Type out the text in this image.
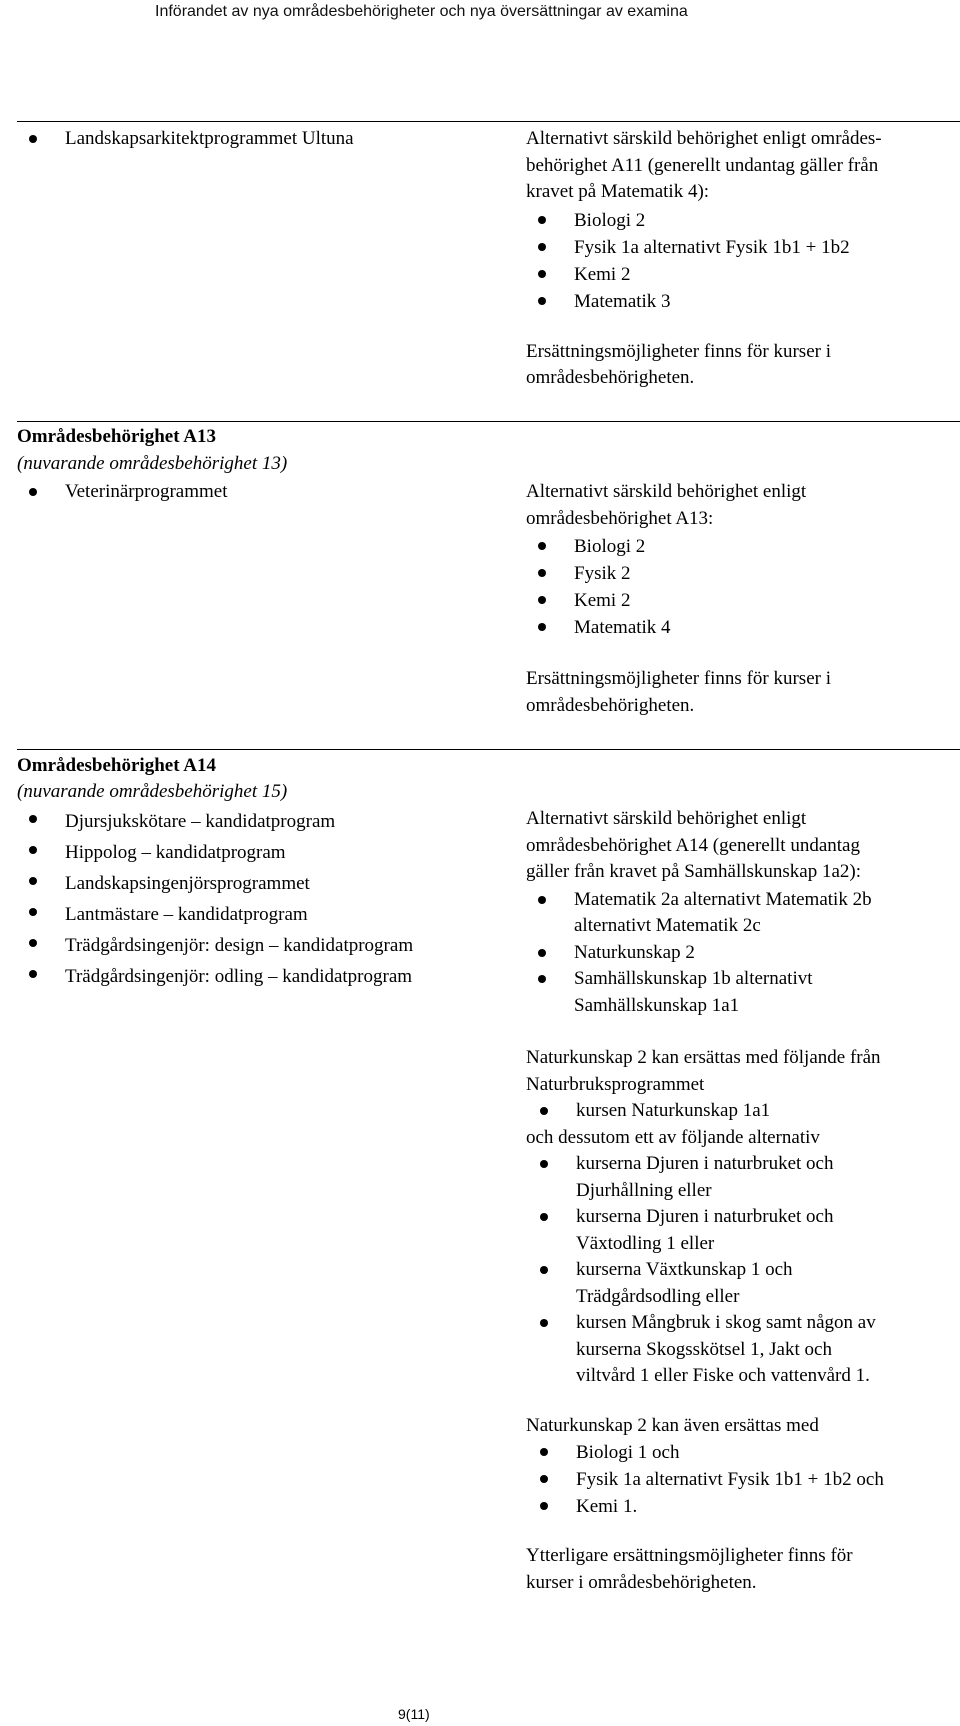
Införandet av nya områdesbehörigheter och nya översättningar av examina
Landskapsarkitektprogrammet Ultuna	Alternativt särskild behörighet enligt områdes-
behörighet A11 (generellt undantag gäller från
kravet på Matematik 4):
Biologi 2
Fysik 1a alternativt Fysik 1b1 + 1b2
Kemi 2
Matematik 3
Ersättningsmöjligheter finns för kurser i
områdesbehörigheten.
Områdesbehörighet A13
(nuvarande områdesbehörighet 13)
Veterinärprogrammet	Alternativt särskild behörighet enligt
områdesbehörighet A13:
Biologi 2
Fysik 2
Kemi 2
Matematik 4
Ersättningsmöjligheter finns för kurser i
områdesbehörigheten.
Områdesbehörighet A14
(nuvarande områdesbehörighet 15)
Djursjukskötare – kandidatprogram
Hippolog – kandidatprogram
Landskapsingenjörsprogrammet
Lantmästare – kandidatprogram
Trädgårdsingenjör: design – kandidatprogram
Trädgårdsingenjör: odling – kandidatprogram
Alternativt särskild behörighet enligt
områdesbehörighet A14 (generellt undantag
gäller från kravet på Samhällskunskap 1a2):
Matematik 2a alternativt Matematik 2b
alternativt Matematik 2c
Naturkunskap 2
Samhällskunskap 1b alternativt
Samhällskunskap 1a1
Naturkunskap 2 kan ersättas med följande från
Naturbruksprogrammet
kursen Naturkunskap 1a1
och dessutom ett av följande alternativ
kurserna Djuren i naturbruket och
Djurhållning eller
kurserna Djuren i naturbruket och
Växtodling 1 eller
kurserna Växtkunskap 1 och
Trädgårdsodling eller
kursen Mångbruk i skog samt någon av
kurserna Skogsskötsel 1, Jakt och
viltvård 1 eller Fiske och vattenvård 1.
Naturkunskap 2 kan även ersättas med
Biologi 1 och
Fysik 1a alternativt Fysik 1b1 + 1b2 och
Kemi 1.
Ytterligare ersättningsmöjligheter finns för
kurser i områdesbehörigheten.
9(11)
